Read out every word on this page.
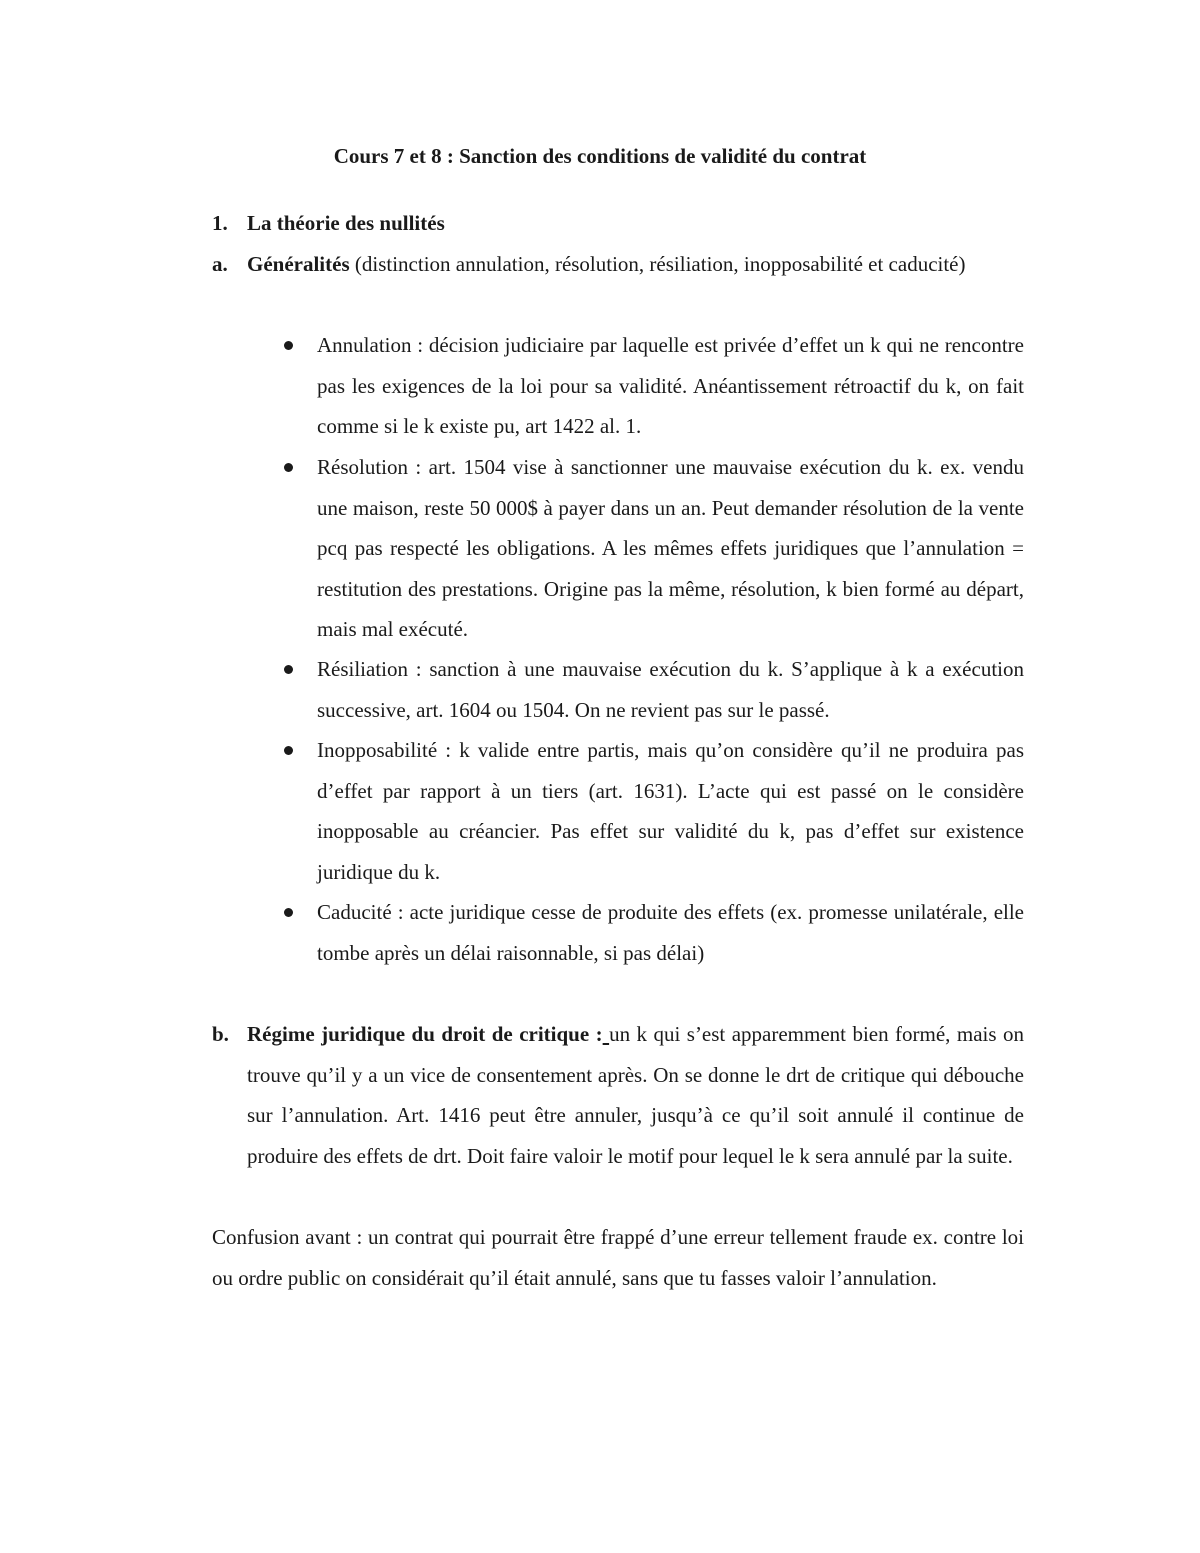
Cours 7 et 8 : Sanction des conditions de validité du contrat
1. La théorie des nullités
a. Généralités (distinction annulation, résolution, résiliation, inopposabilité et caducité)
Annulation : décision judiciaire par laquelle est privée d’effet un k qui ne rencontre pas les exigences de la loi pour sa validité. Anéantissement rétroactif du k, on fait comme si le k existe pu, art 1422 al. 1.
Résolution : art. 1504 vise à sanctionner une mauvaise exécution du k. ex. vendu une maison, reste 50 000$ à payer dans un an. Peut demander résolution de la vente pcq pas respecté les obligations. A les mêmes effets juridiques que l’annulation = restitution des prestations. Origine pas la même, résolution, k bien formé au départ, mais mal exécuté.
Résiliation : sanction à une mauvaise exécution du k. S’applique à k a exécution successive, art. 1604 ou 1504. On ne revient pas sur le passé.
Inopposabilité : k valide entre partis, mais qu’on considère qu’il ne produira pas d’effet par rapport à un tiers (art. 1631). L’acte qui est passé on le considère inopposable au créancier. Pas effet sur validité du k, pas d’effet sur existence juridique du k.
Caducité : acte juridique cesse de produite des effets (ex. promesse unilatérale, elle tombe après un délai raisonnable, si pas délai)
b. Régime juridique du droit de critique : un k qui s’est apparemment bien formé, mais on trouve qu’il y a un vice de consentement après. On se donne le drt de critique qui débouche sur l’annulation. Art. 1416 peut être annuler, jusqu’à ce qu’il soit annulé il continue de produire des effets de drt. Doit faire valoir le motif pour lequel le k sera annulé par la suite.
Confusion avant : un contrat qui pourrait être frappé d’une erreur tellement fraude ex. contre loi ou ordre public on considérait qu’il était annulé, sans que tu fasses valoir l’annulation.
